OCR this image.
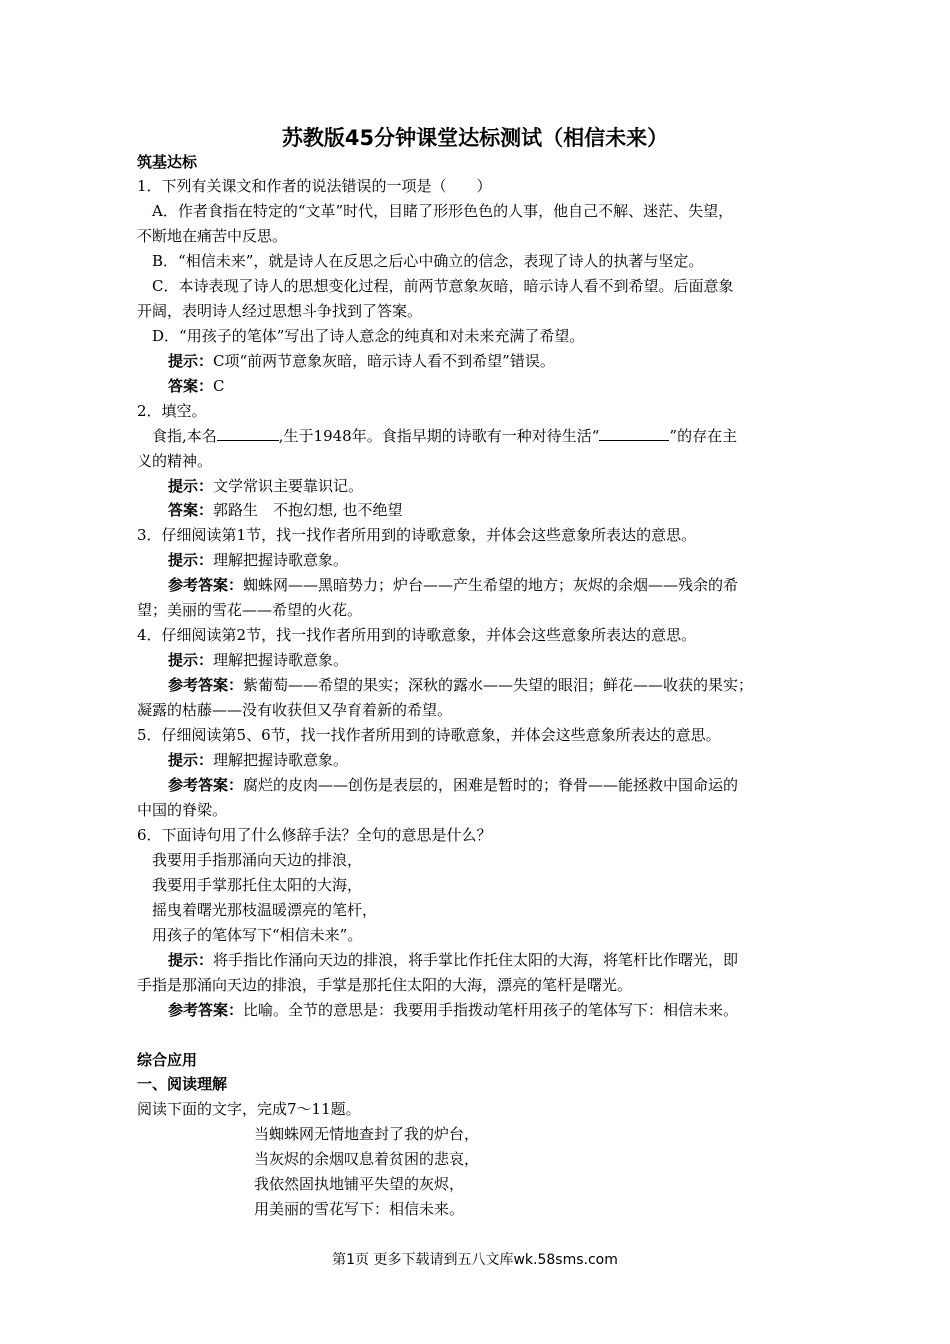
苏教版45分钟课堂达标测试（相信未来）
筑基达标
1．下列有关课文和作者的说法错误的一项是（　　）
A．作者食指在特定的“文革”时代，目睹了形形色色的人事，他自己不解、迷茫、失望，
不断地在痛苦中反思。
B．“相信未来”，就是诗人在反思之后心中确立的信念，表现了诗人的执著与坚定。
C．本诗表现了诗人的思想变化过程，前两节意象灰暗，暗示诗人看不到希望。后面意象
开阔，表明诗人经过思想斗争找到了答案。
D．“用孩子的笔体”写出了诗人意念的纯真和对未来充满了希望。
提示：C项“前两节意象灰暗，暗示诗人看不到希望”错误。
答案：C
2．填空。
食指,本名	,生于1948年。食指早期的诗歌有一种对待生活“	”的存在主
义的精神。
提示：文学常识主要靠识记。
答案：郭路生　不抱幻想, 也不绝望
3．仔细阅读第1节，找一找作者所用到的诗歌意象，并体会这些意象所表达的意思。
提示：理解把握诗歌意象。
参考答案：蜘蛛网——黑暗势力；炉台——产生希望的地方；灰烬的余烟——残余的希
望；美丽的雪花——希望的火花。
4．仔细阅读第2节，找一找作者所用到的诗歌意象，并体会这些意象所表达的意思。
提示：理解把握诗歌意象。
参考答案：紫葡萄——希望的果实；深秋的露水——失望的眼泪；鲜花——收获的果实；
凝露的枯藤——没有收获但又孕育着新的希望。
5．仔细阅读第5、6节，找一找作者所用到的诗歌意象，并体会这些意象所表达的意思。
提示：理解把握诗歌意象。
参考答案：腐烂的皮肉——创伤是表层的，困难是暂时的；脊骨——能拯救中国命运的
中国的脊梁。
6．下面诗句用了什么修辞手法？全句的意思是什么？
我要用手指那涌向天边的排浪，
我要用手掌那托住太阳的大海，
摇曳着曙光那枝温暖漂亮的笔杆，
用孩子的笔体写下“相信未来”。
提示：将手指比作涌向天边的排浪，将手掌比作托住太阳的大海，将笔杆比作曙光，即
手指是那涌向天边的排浪，手掌是那托住太阳的大海，漂亮的笔杆是曙光。
参考答案：比喻。全节的意思是：我要用手指拨动笔杆用孩子的笔体写下：相信未来。
综合应用
一、阅读理解
阅读下面的文字，完成7～11题。
当蜘蛛网无情地查封了我的炉台，
当灰烬的余烟叹息着贫困的悲哀，
我依然固执地铺平失望的灰烬，
用美丽的雪花写下：相信未来。
第1页 更多下载请到五八文库wk.58sms.com
